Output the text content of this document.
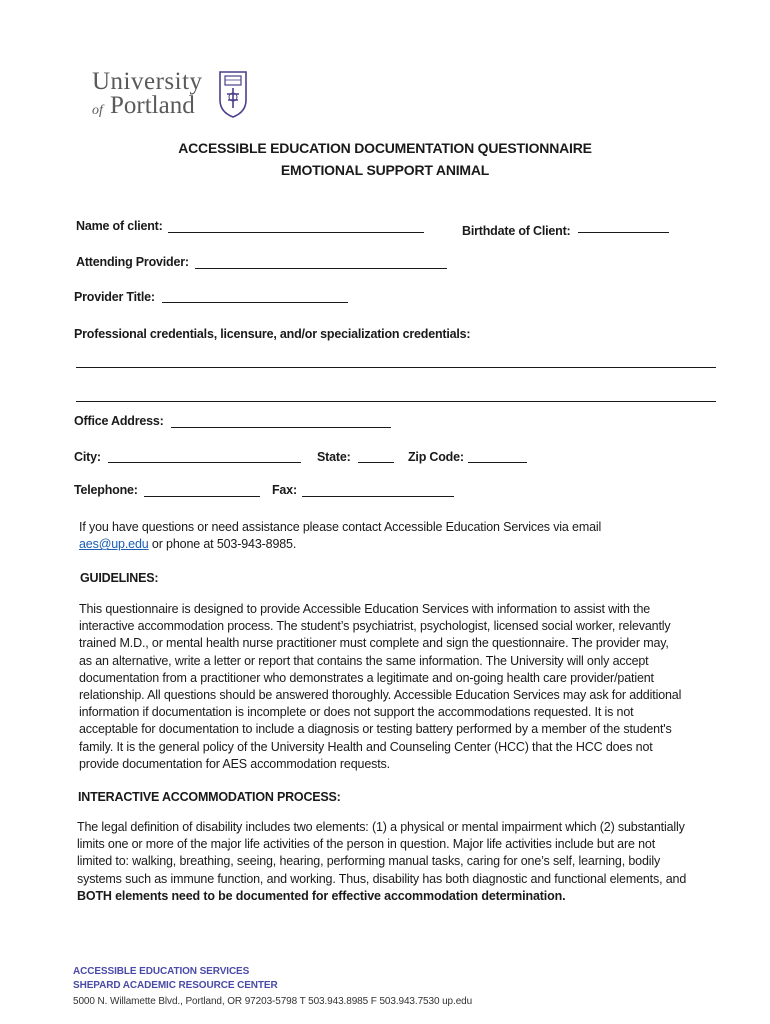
University
of Portland
ACCESSIBLE EDUCATION DOCUMENTATION QUESTIONNAIRE
EMOTIONAL SUPPORT ANIMAL
Name of client:	Birthdate of Client:
Attending Provider:
Provider Title:
Professional credentials, licensure, and/or specialization credentials:
Office Address:
City:	State:	Zip Code:
Telephone:	Fax:
If you have questions or need assistance please contact Accessible Education Services via email
aes@up.edu or phone at 503-943-8985.
GUIDELINES:
This questionnaire is designed to provide Accessible Education Services with information to assist with the
interactive accommodation process. The student’s psychiatrist, psychologist, licensed social worker, relevantly
trained M.D., or mental health nurse practitioner must complete and sign the questionnaire. The provider may,
as an alternative, write a letter or report that contains the same information. The University will only accept
documentation from a practitioner who demonstrates a legitimate and on-going health care provider/patient
relationship. All questions should be answered thoroughly. Accessible Education Services may ask for additional
information if documentation is incomplete or does not support the accommodations requested. It is not
acceptable for documentation to include a diagnosis or testing battery performed by a member of the student's
family. It is the general policy of the University Health and Counseling Center (HCC) that the HCC does not
provide documentation for AES accommodation requests.
INTERACTIVE ACCOMMODATION PROCESS:
The legal definition of disability includes two elements: (1) a physical or mental impairment which (2) substantially
limits one or more of the major life activities of the person in question. Major life activities include but are not
limited to: walking, breathing, seeing, hearing, performing manual tasks, caring for one’s self, learning, bodily
systems such as immune function, and working. Thus, disability has both diagnostic and functional elements, and
BOTH elements need to be documented for effective accommodation determination.
ACCESSIBLE EDUCATION SERVICES
SHEPARD ACADEMIC RESOURCE CENTER
5000 N. Willamette Blvd., Portland, OR 97203-5798 T 503.943.8985 F 503.943.7530 up.edu
